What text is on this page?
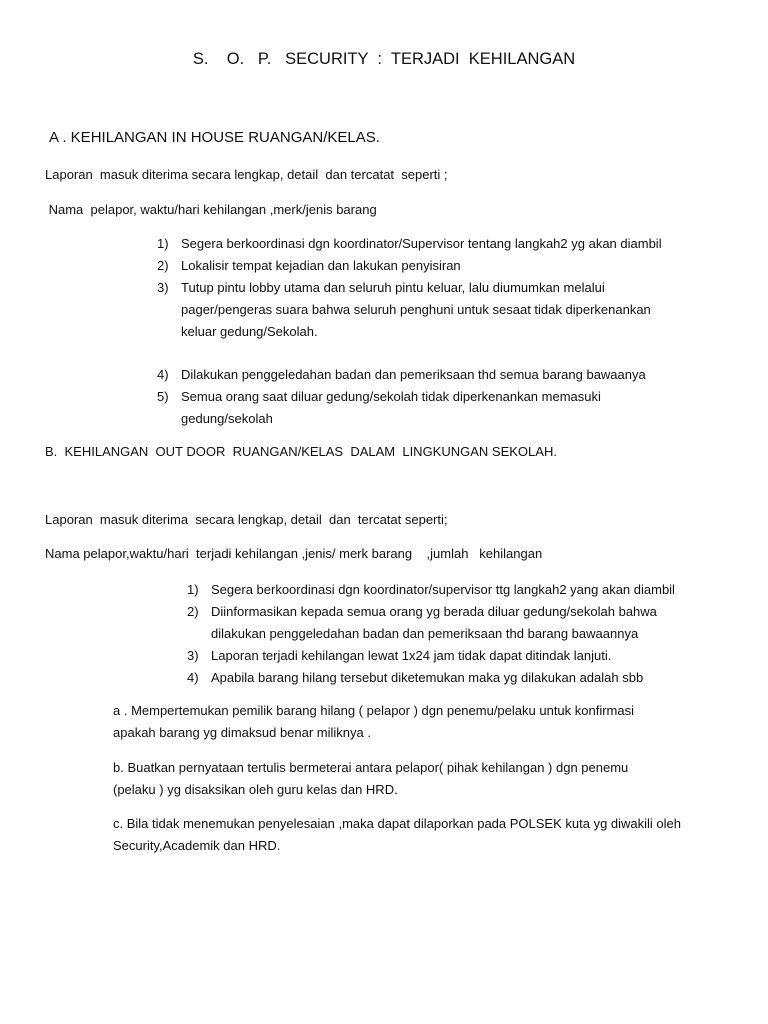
S.    O.   P.   SECURITY  :  TERJADI  KEHILANGAN
A . KEHILANGAN IN HOUSE RUANGAN/KELAS.
Laporan  masuk diterima secara lengkap, detail  dan tercatat  seperti ;
Nama  pelapor, waktu/hari kehilangan ,merk/jenis barang
1) Segera berkoordinasi dgn koordinator/Supervisor tentang langkah2 yg akan diambil
2) Lokalisir tempat kejadian dan lakukan penyisiran
3) Tutup pintu lobby utama dan seluruh pintu keluar, lalu diumumkan melalui
pager/pengeras suara bahwa seluruh penghuni untuk sesaat tidak diperkenankan
keluar gedung/Sekolah.
4) Dilakukan penggeledahan badan dan pemeriksaan thd semua barang bawaanya
5) Semua orang saat diluar gedung/sekolah tidak diperkenankan memasuki
gedung/sekolah
B.  KEHILANGAN  OUT DOOR  RUANGAN/KELAS  DALAM  LINGKUNGAN SEKOLAH.
Laporan  masuk diterima  secara lengkap, detail  dan  tercatat seperti;
Nama pelapor,waktu/hari  terjadi kehilangan ,jenis/ merk barang    ,jumlah   kehilangan
1) Segera berkoordinasi dgn koordinator/supervisor ttg langkah2 yang akan diambil
2) Diinformasikan kepada semua orang yg berada diluar gedung/sekolah bahwa
dilakukan penggeledahan badan dan pemeriksaan thd barang bawaannya
3) Laporan terjadi kehilangan lewat 1x24 jam tidak dapat ditindak lanjuti.
4) Apabila barang hilang tersebut diketemukan maka yg dilakukan adalah sbb
a . Mempertemukan pemilik barang hilang ( pelapor ) dgn penemu/pelaku untuk konfirmasi
apakah barang yg dimaksud benar miliknya .
b. Buatkan pernyataan tertulis bermeterai antara pelapor( pihak kehilangan ) dgn penemu
(pelaku ) yg disaksikan oleh guru kelas dan HRD.
c. Bila tidak menemukan penyelesaian ,maka dapat dilaporkan pada POLSEK kuta yg diwakili oleh
Security,Academik dan HRD.
